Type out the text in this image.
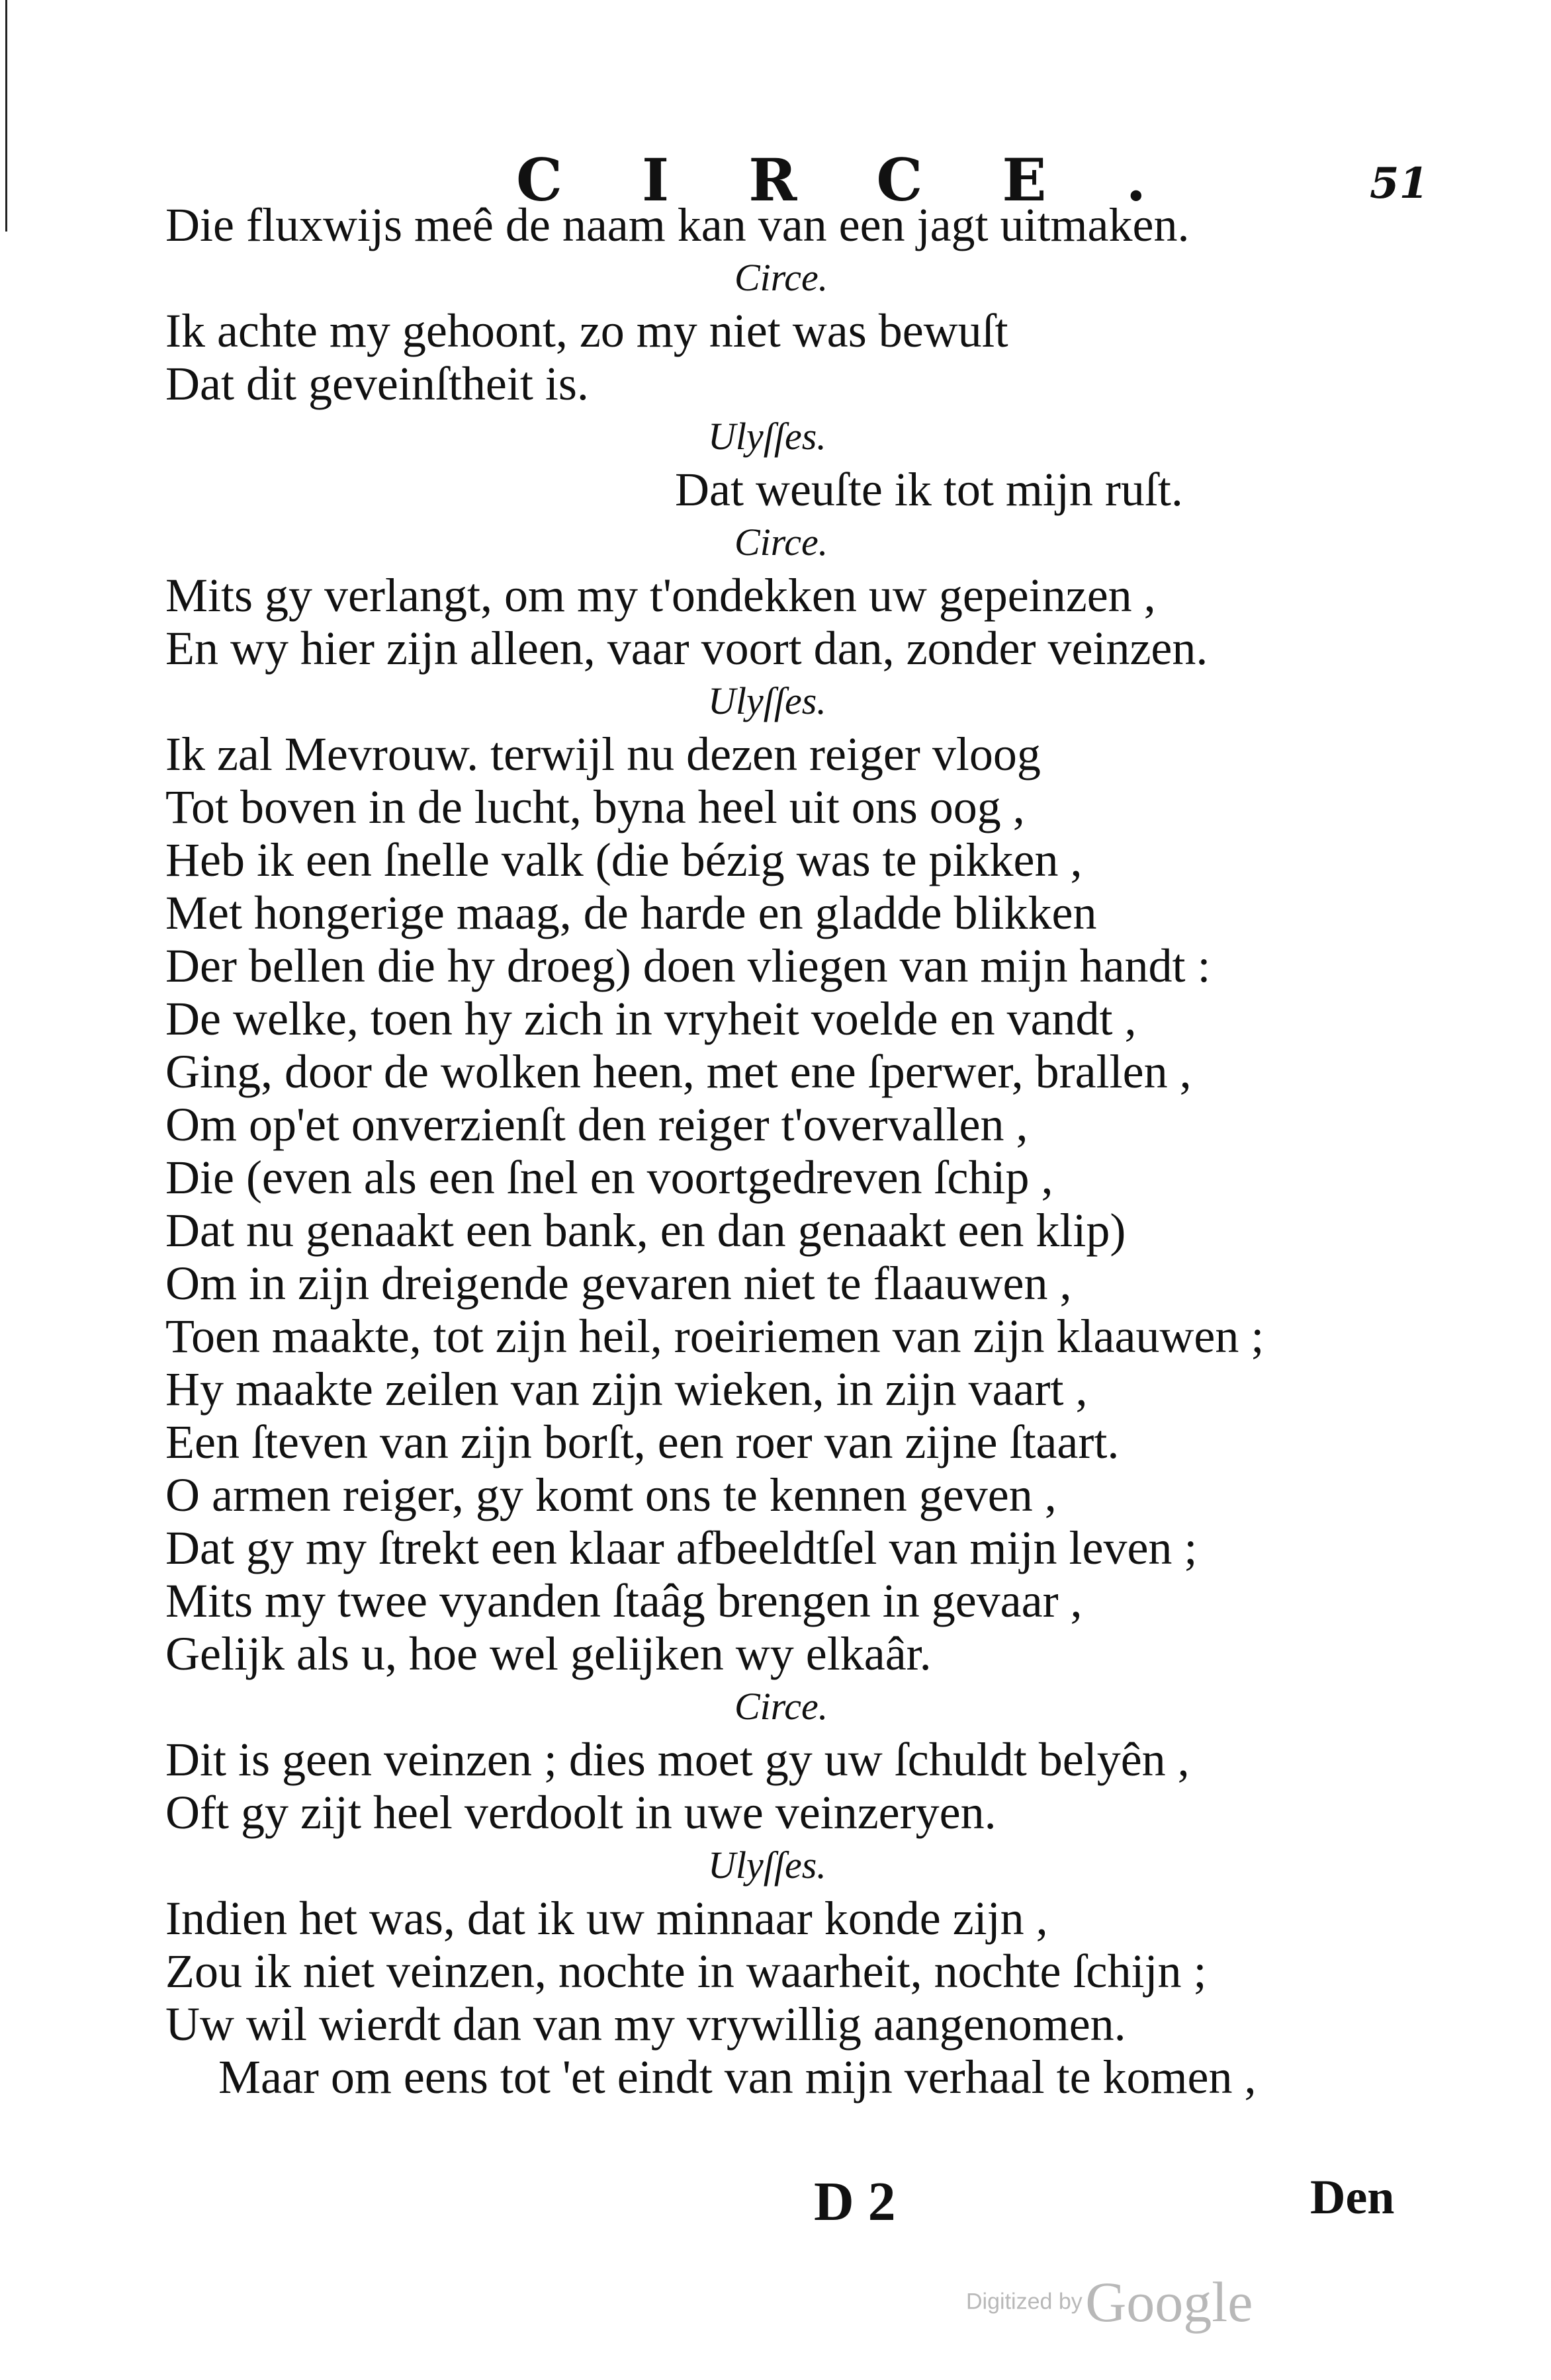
CIRCE.	51
Die fluxwijs meê de naam kan van een jagt uitmaken.
Circe.
Ik achte my gehoont, zo my niet was bewuſt
Dat dit geveinſtheit is.
Ulyſſes.
Dat weuſte ik tot mijn ruſt.
Circe.
Mits gy verlangt, om my t'ondekken uw gepeinzen ,
En wy hier zijn alleen, vaar voort dan, zonder veinzen.
Ulyſſes.
Ik zal Mevrouw. terwijl nu dezen reiger vloog
Tot boven in de lucht, byna heel uit ons oog ,
Heb ik een ſnelle valk (die bézig was te pikken ,
Met hongerige maag, de harde en gladde blikken
Der bellen die hy droeg) doen vliegen van mijn handt :
De welke, toen hy zich in vryheit voelde en vandt ,
Ging, door de wolken heen, met ene ſperwer, brallen ,
Om op'et onverzienſt den reiger t'overvallen ,
Die (even als een ſnel en voortgedreven ſchip ,
Dat nu genaakt een bank, en dan genaakt een klip)
Om in zijn dreigende gevaren niet te flaauwen ,
Toen maakte, tot zijn heil, roeiriemen van zijn klaauwen ;
Hy maakte zeilen van zijn wieken, in zijn vaart ,
Een ſteven van zijn borſt, een roer van zijne ſtaart.
O armen reiger, gy komt ons te kennen geven ,
Dat gy my ſtrekt een klaar afbeeldtſel van mijn leven ;
Mits my twee vyanden ſtaâg brengen in gevaar ,
Gelijk als u, hoe wel gelijken wy elkaâr.
Circe.
Dit is geen veinzen ; dies moet gy uw ſchuldt belyên ,
Oft gy zijt heel verdoolt in uwe veinzeryen.
Ulyſſes.
Indien het was, dat ik uw minnaar konde zijn ,
Zou ik niet veinzen, nochte in waarheit, nochte ſchijn ;
Uw wil wierdt dan van my vrywillig aangenomen.
Maar om eens tot 'et eindt van mijn verhaal te komen ,
D 2	Den
Digitized by Google
